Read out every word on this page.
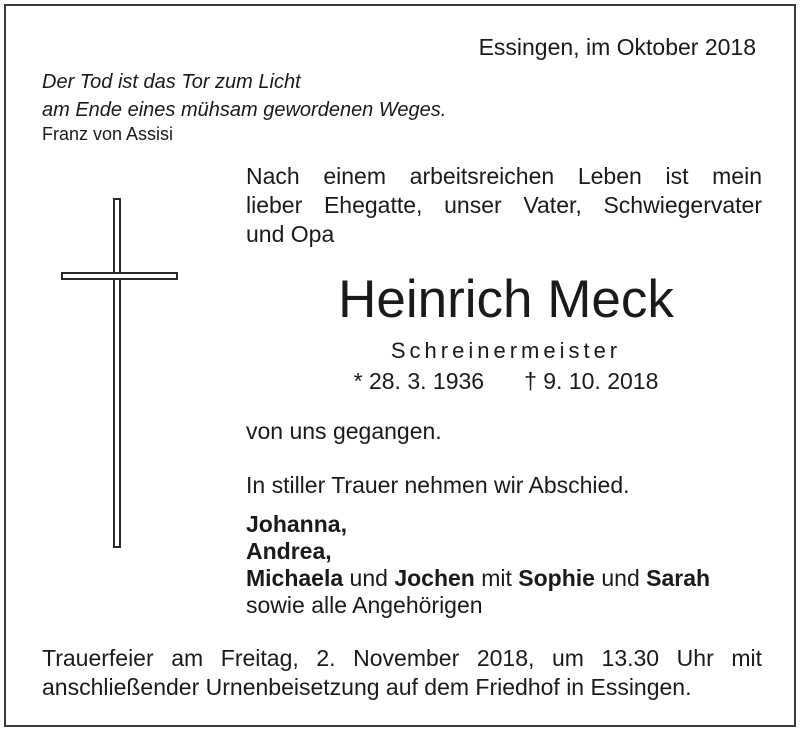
Essingen, im Oktober 2018
Der Tod ist das Tor zum Licht
am Ende eines mühsam gewordenen Weges.
Franz von Assisi
Nach einem arbeitsreichen Leben ist mein
lieber Ehegatte, unser Vater, Schwiegervater
und Opa
Heinrich Meck
Schreinermeister
* 28. 3. 1936 † 9. 10. 2018
von uns gegangen.
In stiller Trauer nehmen wir Abschied.
Johanna,
Andrea,
Michaela und Jochen mit Sophie und Sarah
sowie alle Angehörigen
Trauerfeier am Freitag, 2. November 2018, um 13.30 Uhr mit
anschließender Urnenbeisetzung auf dem Friedhof in Essingen.
